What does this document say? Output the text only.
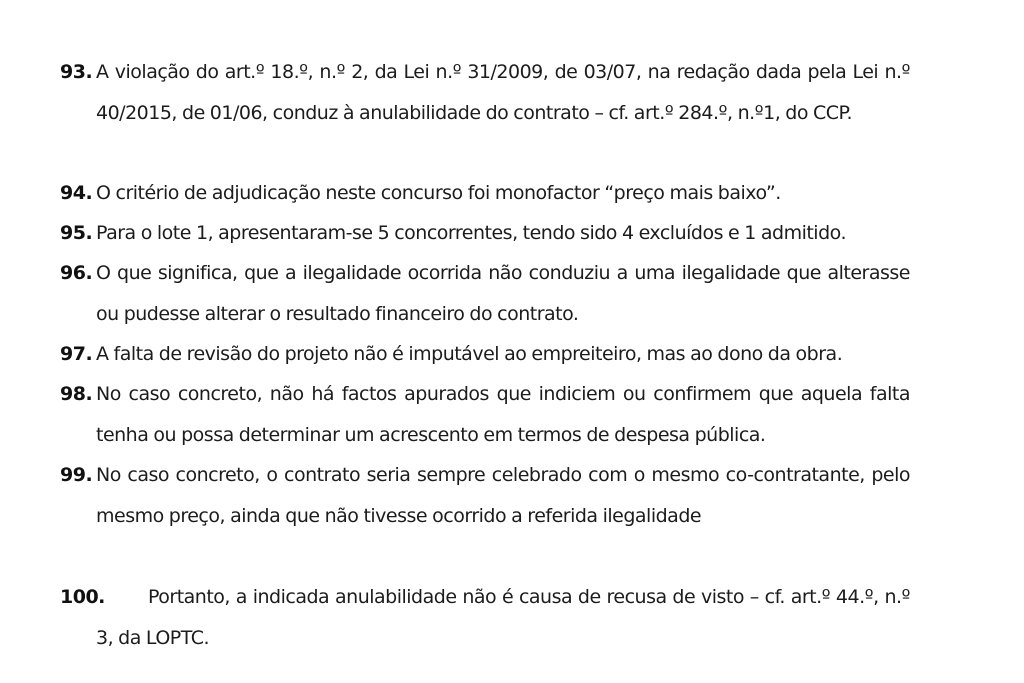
93. A violação do art.º 18.º, n.º 2, da Lei n.º 31/2009, de 03/07, na redação dada pela Lei n.º 40/2015, de 01/06, conduz à anulabilidade do contrato – cf. art.º 284.º, n.º1, do CCP.
94. O critério de adjudicação neste concurso foi monofactor “preço mais baixo”.
95. Para o lote 1, apresentaram-se 5 concorrentes, tendo sido 4 excluídos e 1 admitido.
96. O que significa, que a ilegalidade ocorrida não conduziu a uma ilegalidade que alterasse ou pudesse alterar o resultado financeiro do contrato.
97. A falta de revisão do projeto não é imputável ao empreiteiro, mas ao dono da obra.
98. No caso concreto, não há factos apurados que indiciem ou confirmem que aquela falta tenha ou possa determinar um acrescento em termos de despesa pública.
99. No caso concreto, o contrato seria sempre celebrado com o mesmo co-contratante, pelo mesmo preço, ainda que não tivesse ocorrido a referida ilegalidade
100.	Portanto, a indicada anulabilidade não é causa de recusa de visto – cf. art.º 44.º, n.º 3, da LOPTC.
